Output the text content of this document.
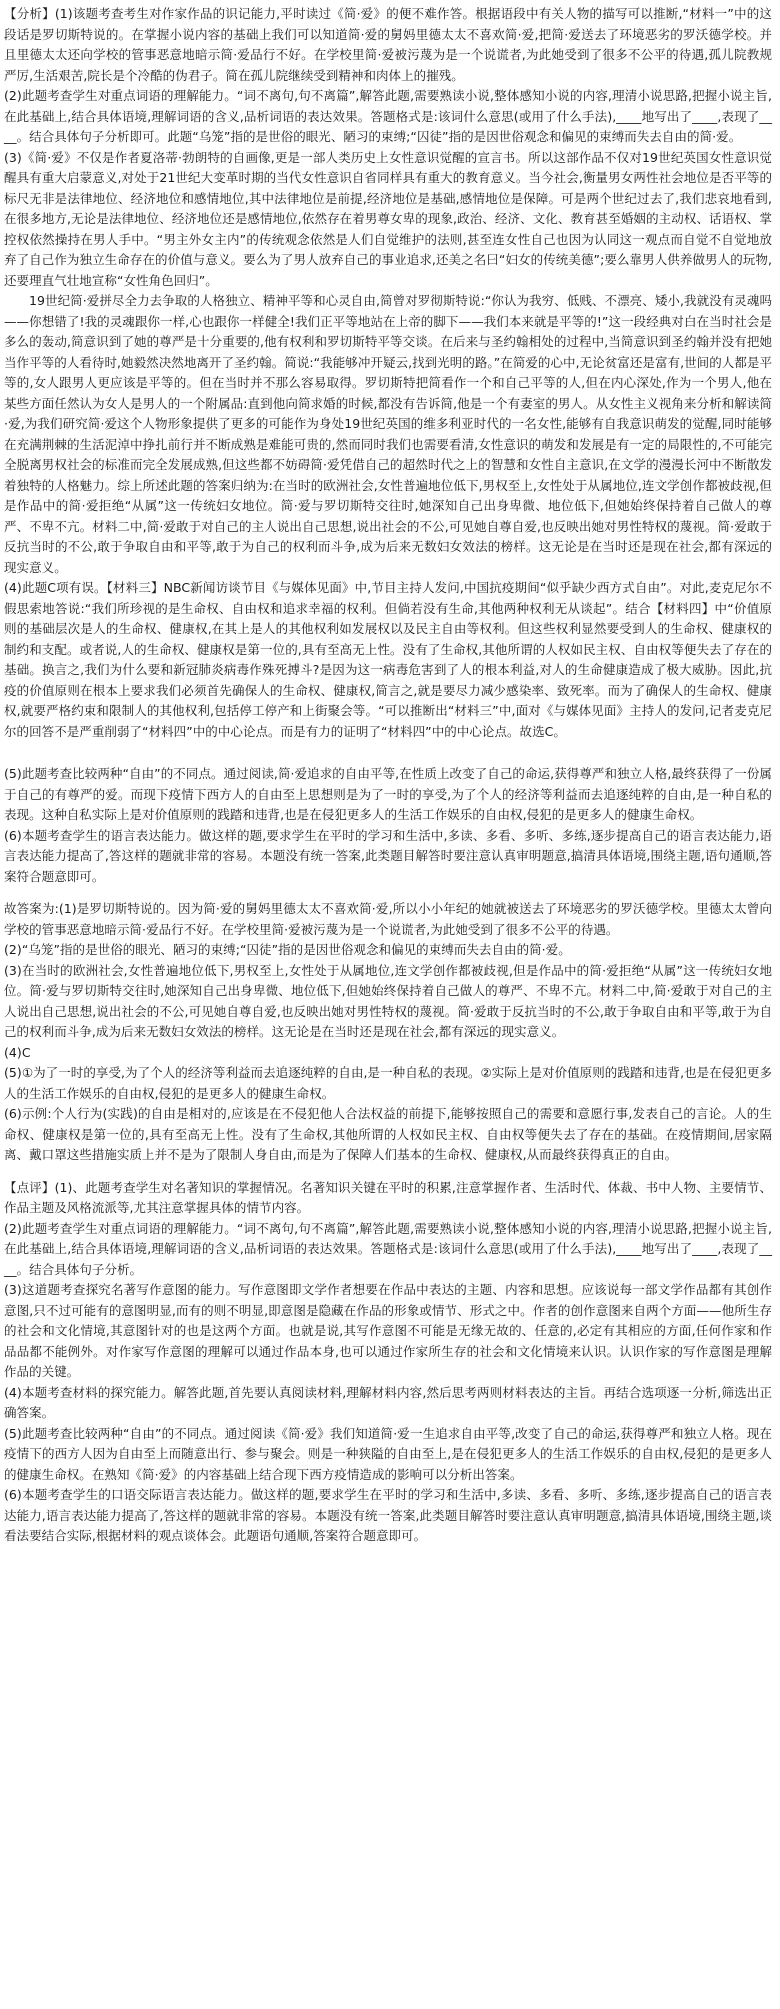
【分析】(1)该题考查考生对作家作品的识记能力,平时读过《简·爱》的便不难作答。根据语段中有关人物的描写可以推断,“材料一”中的这段话是罗切斯特说的。在掌握小说内容的基础上我们可以知道简·爱的舅妈里德太太不喜欢简·爱,把简·爱送去了环境恶劣的罗沃德学校。并且里德太太还向学校的管事恶意地暗示简·爱品行不好。在学校里简·爱被污蔑为是一个说谎者,为此她受到了很多不公平的待遇,孤儿院教规严厉,生活艰苦,院长是个冷酷的伪君子。简在孤儿院继续受到精神和肉体上的摧残。

(2)此题考查学生对重点词语的理解能力。“词不离句,句不离篇”,解答此题,需要熟读小说,整体感知小说的内容,理清小说思路,把握小说主旨,在此基础上,结合具体语境,理解词语的含义,品析词语的表达效果。答题格式是:该词什么意思(或用了什么手法),____地写出了____,表现了____。结合具体句子分析即可。此题“乌笼”指的是世俗的眼光、陋习的束缚;“囚徒”指的是因世俗观念和偏见的束缚而失去自由的简·爱。

(3)《简·爱》不仅是作者夏洛蒂·勃朗特的自画像,更是一部人类历史上女性意识觉醒的宣言书。所以这部作品不仅对19世纪英国女性意识觉醒具有重大启蒙意义,对处于21世纪大变革时期的当代女性意识自省同样具有重大的教育意义。当今社会,衡量男女两性社会地位是否平等的标尺无非是法律地位、经济地位和感情地位,其中法律地位是前提,经济地位是基础,感情地位是保障。可是两个世纪过去了,我们悲哀地看到,在很多地方,无论是法律地位、经济地位还是感情地位,依然存在着男尊女卑的现象,政治、经济、文化、教育甚至婚姻的主动权、话语权、掌控权依然操持在男人手中。“男主外女主内”的传统观念依然是人们自觉维护的法则,甚至连女性自己也因为认同这一观点而自觉不自觉地放弃了自己作为独立生命存在的价值与意义。要么为了男人放弃自己的事业追求,还美之名曰“妇女的传统美德”;要么靠男人供养做男人的玩物,还要理直气壮地宣称“女性角色回归”。

19世纪简·爱拼尽全力去争取的人格独立、精神平等和心灵自由,简曾对罗彻斯特说:“你认为我穷、低贱、不漂亮、矮小,我就没有灵魂吗——你想错了!我的灵魂跟你一样,心也跟你一样健全!我们正平等地站在上帝的脚下——我们本来就是平等的!”这一段经典对白在当时社会是多么的轰动,简意识到了她的尊严是十分重要的,他有权利和罗切斯特平等交谈。在后来与圣约翰相处的过程中,当简意识到圣约翰并没有把她当作平等的人看待时,她毅然决然地离开了圣约翰。简说:“我能够冲开疑云,找到光明的路。”在简爱的心中,无论贫富还是富有,世间的人都是平等的,女人跟男人更应该是平等的。但在当时并不那么容易取得。罗切斯特把简看作一个和自己平等的人,但在内心深处,作为一个男人,他在某些方面任然认为女人是男人的一个附属品:直到他向简求婚的时候,都没有告诉简,他是一个有妻室的男人。从女性主义视角来分析和解读简·爱,为我们研究简·爱这个人物形象提供了更多的可能作为身处19世纪英国的维多利亚时代的一名女性,能够有自我意识萌发的觉醒,同时能够在充满荆棘的生活泥淖中挣扎前行并不断成熟是难能可贵的,然而同时我们也需要看清,女性意识的萌发和发展是有一定的局限性的,不可能完全脱离男权社会的标准而完全发展成熟,但这些都不妨碍简·爱凭借自己的超然时代之上的智慧和女性自主意识,在文学的漫漫长河中不断散发着独特的人格魅力。综上所述此题的答案归纳为:在当时的欧洲社会,女性普遍地位低下,男权至上,女性处于从属地位,连文学创作都被歧视,但是作品中的简·爱拒绝“从属”这一传统妇女地位。简·爱与罗切斯特交往时,她深知自己出身卑微、地位低下,但她始终保持着自己做人的尊严、不卑不亢。材料二中,简·爱敢于对自己的主人说出自己思想,说出社会的不公,可见她自尊自爱,也反映出她对男性特权的蔑视。简·爱敢于反抗当时的不公,敢于争取自由和平等,敢于为自己的权利而斗争,成为后来无数妇女效法的榜样。这无论是在当时还是现在社会,都有深远的现实意义。

(4)此题C项有误。【材料三】NBC新闻访谈节目《与媒体见面》中,节目主持人发问,中国抗疫期间“似乎缺少西方式自由”。对此,麦克尼尔不假思索地答说:“我们所珍视的是生命权、自由权和追求幸福的权利。但倘若没有生命,其他两种权利无从谈起”。结合【材料四】中“价值原则的基础层次是人的生命权、健康权,在其上是人的其他权利如发展权以及民主自由等权利。但这些权利显然要受到人的生命权、健康权的制约和支配。或者说,人的生命权、健康权是第一位的,具有至高无上性。没有了生命权,其他所谓的人权如民主权、自由权等便失去了存在的基础。换言之,我们为什么要和新冠肺炎病毒作殊死搏斗?是因为这一病毒危害到了人的根本利益,对人的生命健康造成了极大威胁。因此,抗疫的价值原则在根本上要求我们必须首先确保人的生命权、健康权,简言之,就是要尽力减少感染率、致死率。而为了确保人的生命权、健康权,就要严格约束和限制人的其他权利,包括停工停产和上街聚会等。“可以推断出“材料三”中,面对《与媒体见面》主持人的发问,记者麦克尼尔的回答不是严重削弱了“材料四”中的中心论点。而是有力的证明了“材料四”中的中心论点。故选C。

(5)此题考查比较两种“自由”的不同点。通过阅读,简·爱追求的自由平等,在性质上改变了自己的命运,获得尊严和独立人格,最终获得了一份属于自己的有尊严的爱。而现下疫情下西方人的自由至上思想则是为了一时的享受,为了个人的经济等利益而去追逐纯粹的自由,是一种自私的表现。这种自私实际上是对价值原则的践踏和违背,也是在侵犯更多人的生活工作娱乐的自由权,侵犯的是更多人的健康生命权。

(6)本题考查学生的语言表达能力。做这样的题,要求学生在平时的学习和生活中,多读、多看、多听、多练,逐步提高自己的语言表达能力,语言表达能力提高了,答这样的题就非常的容易。本题没有统一答案,此类题目解答时要注意认真审明题意,搞清具体语境,围绕主题,语句通顺,答案符合题意即可。

故答案为:(1)是罗切斯特说的。因为简·爱的舅妈里德太太不喜欢简·爱,所以小小年纪的她就被送去了环境恶劣的罗沃德学校。里德太太曾向学校的管事恶意地暗示简·爱品行不好。在学校里简·爱被污蔑为是一个说谎者,为此她受到了很多不公平的待遇。

(2)“乌笼”指的是世俗的眼光、陋习的束缚;“囚徒”指的是因世俗观念和偏见的束缚而失去自由的简·爱。

(3)在当时的欧洲社会,女性普遍地位低下,男权至上,女性处于从属地位,连文学创作都被歧视,但是作品中的简·爱拒绝“从属”这一传统妇女地位。简·爱与罗切斯特交往时,她深知自己出身卑微、地位低下,但她始终保持着自己做人的尊严、不卑不亢。材料二中,简·爱敢于对自己的主人说出自己思想,说出社会的不公,可见她自尊自爱,也反映出她对男性特权的蔑视。简·爱敢于反抗当时的不公,敢于争取自由和平等,敢于为自己的权利而斗争,成为后来无数妇女效法的榜样。这无论是在当时还是现在社会,都有深远的现实意义。

(4)C

(5)①为了一时的享受,为了个人的经济等利益而去追逐纯粹的自由,是一种自私的表现。②实际上是对价值原则的践踏和违背,也是在侵犯更多人的生活工作娱乐的自由权,侵犯的是更多人的健康生命权。

(6)示例:个人行为(实践)的自由是相对的,应该是在不侵犯他人合法权益的前提下,能够按照自己的需要和意愿行事,发表自己的言论。人的生命权、健康权是第一位的,具有至高无上性。没有了生命权,其他所谓的人权如民主权、自由权等便失去了存在的基础。在疫情期间,居家隔离、戴口罩这些措施实质上并不是为了限制人身自由,而是为了保障人们基本的生命权、健康权,从而最终获得真正的自由。

【点评】(1)、此题考查学生对名著知识的掌握情况。名著知识关键在平时的积累,注意掌握作者、生活时代、体裁、书中人物、主要情节、作品主题及风格流派等,尤其注意掌握具体的情节内容。

(2)此题考查学生对重点词语的理解能力。“词不离句,句不离篇”,解答此题,需要熟读小说,整体感知小说的内容,理清小说思路,把握小说主旨,在此基础上,结合具体语境,理解词语的含义,品析词语的表达效果。答题格式是:该词什么意思(或用了什么手法),____地写出了____,表现了____。结合具体句子分析。

(3)这道题考查探究名著写作意图的能力。写作意图即文学作者想要在作品中表达的主题、内容和思想。应该说每一部文学作品都有其创作意图,只不过可能有的意图明显,而有的则不明显,即意图是隐藏在作品的形象或情节、形式之中。作者的创作意图来自两个方面——他所生存的社会和文化情境,其意图针对的也是这两个方面。也就是说,其写作意图不可能是无缘无故的、任意的,必定有其相应的方面,任何作家和作品品都不能例外。对作家写作意图的理解可以通过作品本身,也可以通过作家所生存的社会和文化情境来认识。认识作家的写作意图是理解作品的关键。

(4)本题考查材料的探究能力。解答此题,首先要认真阅读材料,理解材料内容,然后思考两则材料表达的主旨。再结合选项逐一分析,筛选出正确答案。

(5)此题考查比较两种“自由”的不同点。通过阅读《简·爱》我们知道简·爱一生追求自由平等,改变了自己的命运,获得尊严和独立人格。现在疫情下的西方人因为自由至上而随意出行、参与聚会。则是一种狭隘的自由至上,是在侵犯更多人的生活工作娱乐的自由权,侵犯的是更多人的健康生命权。在熟知《简·爱》的内容基础上结合现下西方疫情造成的影响可以分析出答案。

(6)本题考查学生的口语交际语言表达能力。做这样的题,要求学生在平时的学习和生活中,多读、多看、多听、多练,逐步提高自己的语言表达能力,语言表达能力提高了,答这样的题就非常的容易。本题没有统一答案,此类题目解答时要注意认真审明题意,搞清具体语境,围绕主题,谈看法要结合实际,根据材料的观点谈体会。此题语句通顺,答案符合题意即可。
